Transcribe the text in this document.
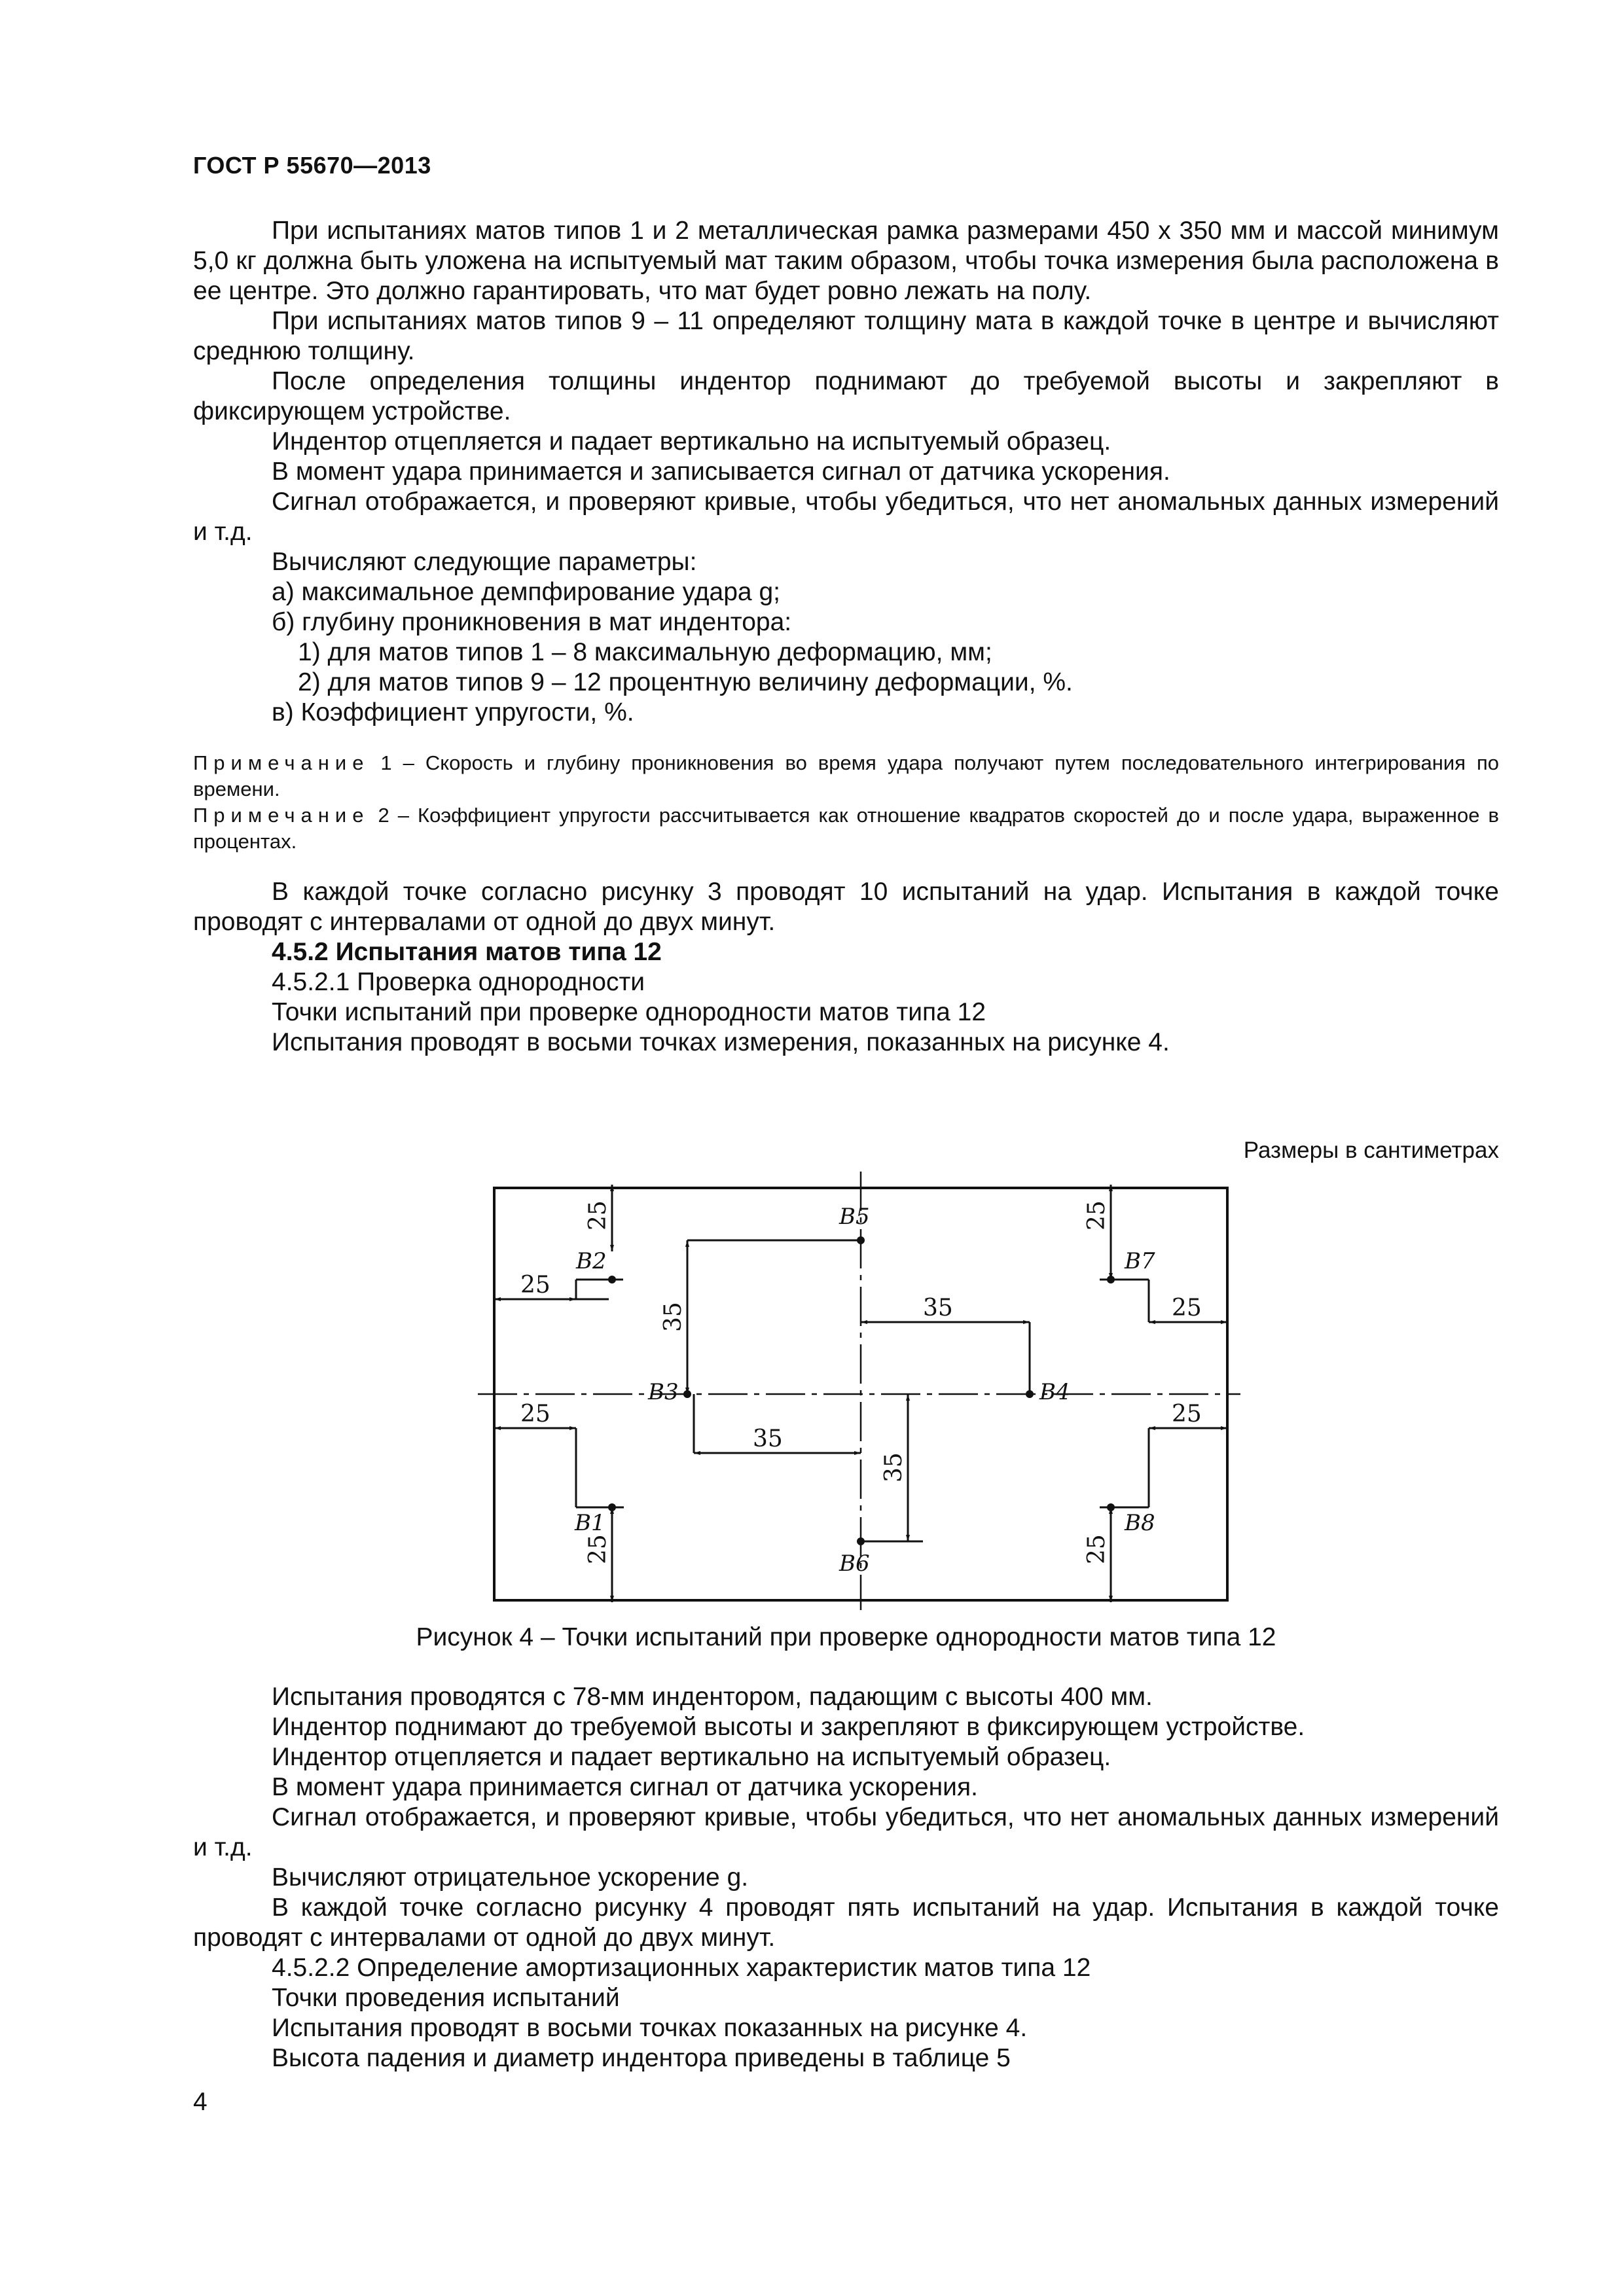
ГОСТ Р 55670—2013

При испытаниях матов типов 1 и 2 металлическая рамка размерами 450 х 350 мм и массой минимум 5,0 кг должна быть уложена на испытуемый мат таким образом, чтобы точка измерения была расположена в ее центре. Это должно гарантировать, что мат будет ровно лежать на полу.

При испытаниях матов типов 9 – 11 определяют толщину мата в каждой точке в центре и вычисляют среднюю толщину.

После определения толщины индентор поднимают до требуемой высоты и закрепляют в фиксирующем устройстве.

Индентор отцепляется и падает вертикально на испытуемый образец.

В момент удара принимается и записывается сигнал от датчика ускорения.

Сигнал отображается, и проверяют кривые, чтобы убедиться, что нет аномальных данных измерений и т.д.

Вычисляют следующие параметры:

а) максимальное демпфирование удара g;

б) глубину проникновения в мат индентора:

1) для матов типов 1 – 8 максимальную деформацию, мм;

2) для матов типов 9 – 12 процентную величину деформации, %.

в) Коэффициент упругости, %.

Примечание 1 – Скорость и глубину проникновения во время удара получают путем последовательного интегрирования по времени.

Примечание 2 – Коэффициент упругости рассчитывается как отношение квадратов скоростей до и после удара, выраженное в процентах.

В каждой точке согласно рисунку 3 проводят 10 испытаний на удар. Испытания в каждой точке проводят с интервалами от одной до двух минут.

4.5.2 Испытания матов типа 12

4.5.2.1 Проверка однородности

Точки испытаний при проверке однородности матов типа 12

Испытания проводят в восьми точках измерения, показанных на рисунке 4.

Размеры в сантиметрах
B2
B3
B1
B5
B6
B4
B7
B8
25
25
25
25
35
35
25
25
25
25
35
35
Рисунок 4 – Точки испытаний при проверке однородности матов типа 12

Испытания проводятся с 78-мм индентором, падающим с высоты 400 мм.

Индентор поднимают до требуемой высоты и закрепляют в фиксирующем устройстве.

Индентор отцепляется и падает вертикально на испытуемый образец.

В момент удара принимается сигнал от датчика ускорения.

Сигнал отображается, и проверяют кривые, чтобы убедиться, что нет аномальных данных измерений и т.д.

Вычисляют отрицательное ускорение g.

В каждой точке согласно рисунку 4 проводят пять испытаний на удар. Испытания в каждой точке проводят с интервалами от одной до двух минут.

4.5.2.2 Определение амортизационных характеристик матов типа 12

Точки проведения испытаний

Испытания проводят в восьми точках показанных на рисунке 4.

Высота падения и диаметр индентора приведены в таблице 5

4
